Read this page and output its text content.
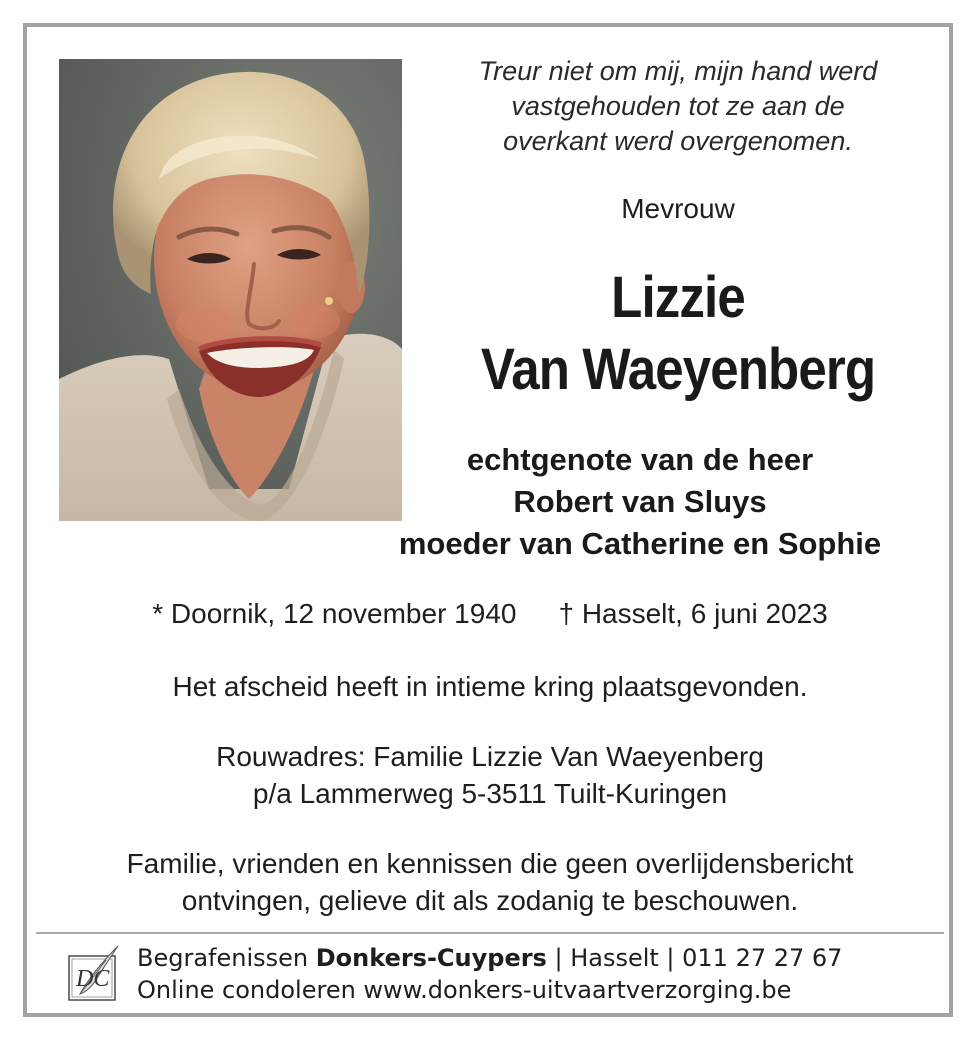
Treur niet om mij, mijn hand werd
vastgehouden tot ze aan de
overkant werd overgenomen.

Mevrouw

Lizzie
Van Waeyenberg

echtgenote van de heer
Robert van Sluys
moeder van Catherine en Sophie

* Doornik, 12 november 1940 † Hasselt, 6 juni 2023

Het afscheid heeft in intieme kring plaatsgevonden.

Rouwadres: Familie Lizzie Van Waeyenberg
p/a Lammerweg 5-3511 Tuilt-Kuringen

Familie, vrienden en kennissen die geen overlijdensbericht
ontvingen, gelieve dit als zodanig te beschouwen.

DC
Begrafenissen Donkers-Cuypers | Hasselt | 011 27 27 67
Online condoleren www.donkers-uitvaartverzorging.be
